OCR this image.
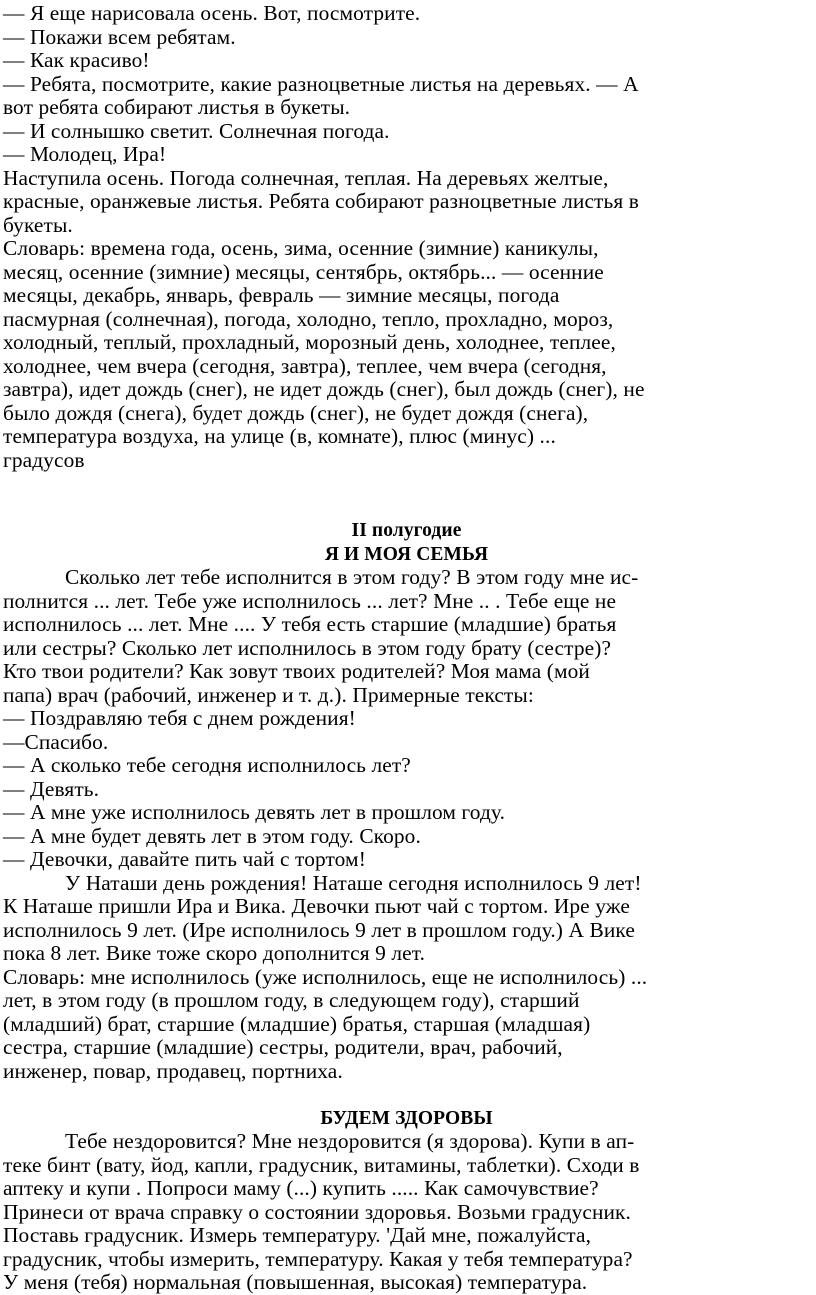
— Я еще нарисовала осень. Вот, посмотрите.
— Покажи всем ребятам.
— Как красиво!
— Ребята, посмотрите, какие разноцветные листья на деревьях. — А
вот ребята собирают листья в букеты.
— И солнышко светит. Солнечная погода.
— Молодец, Ира!
Наступила осень. Погода солнечная, теплая. На деревьях желтые,
красные, оранжевые листья. Ребята собирают разноцветные листья в
букеты.
Словарь: времена года, осень, зима, осенние (зимние) каникулы,
месяц, осенние (зимние) месяцы, сентябрь, октябрь... — осенние
месяцы, декабрь, январь, февраль — зимние месяцы, погода
пасмурная (солнечная), погода, холодно, тепло, прохладно, мороз,
холодный, теплый, прохладный, морозный день, холоднее, теплее,
холоднее, чем вчера (сегодня, завтра), теплее, чем вчера (сегодня,
завтра), идет дождь (снег), не идет дождь (снег), был дождь (снег), не
было дождя (снега), будет дождь (снег), не будет дождя (снега),
температура воздуха, на улице (в, комнате), плюс (минус) ...
градусов
II полугодие
Я И МОЯ СЕМЬЯ
Сколько лет тебе исполнится в этом году? В этом году мне ис-
полнится ... лет. Тебе уже исполнилось ... лет? Мне .. . Тебе еще не
исполнилось ... лет. Мне .... У тебя есть старшие (младшие) братья
или сестры? Сколько лет исполнилось в этом году брату (сестре)?
Кто твои родители? Как зовут твоих родителей? Моя мама (мой
папа) врач (рабочий, инженер и т. д.). Примерные тексты:
— Поздравляю тебя с днем рождения!
—Спасибо.
— А сколько тебе сегодня исполнилось лет?
— Девять.
— А мне уже исполнилось девять лет в прошлом году.
— А мне будет девять лет в этом году. Скоро.
— Девочки, давайте пить чай с тортом!
У Наташи день рождения! Наташе сегодня исполнилось 9 лет!
К Наташе пришли Ира и Вика. Девочки пьют чай с тортом. Ире уже
исполнилось 9 лет. (Ире исполнилось 9 лет в прошлом году.) А Вике
пока 8 лет. Вике тоже скоро дополнится 9 лет.
Словарь: мне исполнилось (уже исполнилось, еще не исполнилось) ...
лет, в этом году (в прошлом году, в следующем году), старший
(младший) брат, старшие (младшие) братья, старшая (младшая)
сестра, старшие (младшие) сестры, родители, врач, рабочий,
инженер, повар, продавец, портниха.
БУДЕМ ЗДОРОВЫ
Тебе нездоровится? Мне нездоровится (я здорова). Купи в ап-
теке бинт (вату, йод, капли, градусник, витамины, таблетки). Сходи в
аптеку и купи . Попроси маму (...) купить ..... Как самочувствие?
Принеси от врача справку о состоянии здоровья. Возьми градусник.
Поставь градусник. Измерь температуру. 'Дай мне, пожалуйста,
градусник, чтобы измерить, температуру. Какая у тебя температура?
У меня (тебя) нормальная (повышенная, высокая) температура.
